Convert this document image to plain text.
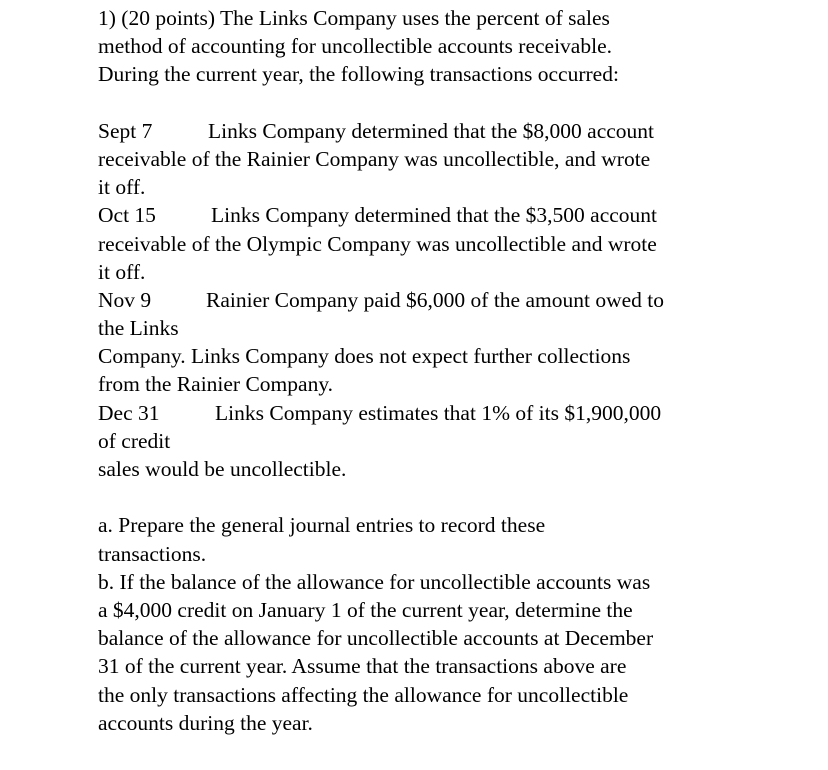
1) (20 points) The Links Company uses the percent of sales
method of accounting for uncollectible accounts receivable.
During the current year, the following transactions occurred:
Sept 7	Links Company determined that the $8,000 account
receivable of the Rainier Company was uncollectible, and wrote
it off.
Oct 15	Links Company determined that the $3,500 account
receivable of the Olympic Company was uncollectible and wrote
it off.
Nov 9	Rainier Company paid $6,000 of the amount owed to
the Links
Company. Links Company does not expect further collections
from the Rainier Company.
Dec 31	Links Company estimates that 1% of its $1,900,000
of credit
sales would be uncollectible.
a. Prepare the general journal entries to record these
transactions.
b. If the balance of the allowance for uncollectible accounts was
a $4,000 credit on January 1 of the current year, determine the
balance of the allowance for uncollectible accounts at December
31 of the current year. Assume that the transactions above are
the only transactions affecting the allowance for uncollectible
accounts during the year.
